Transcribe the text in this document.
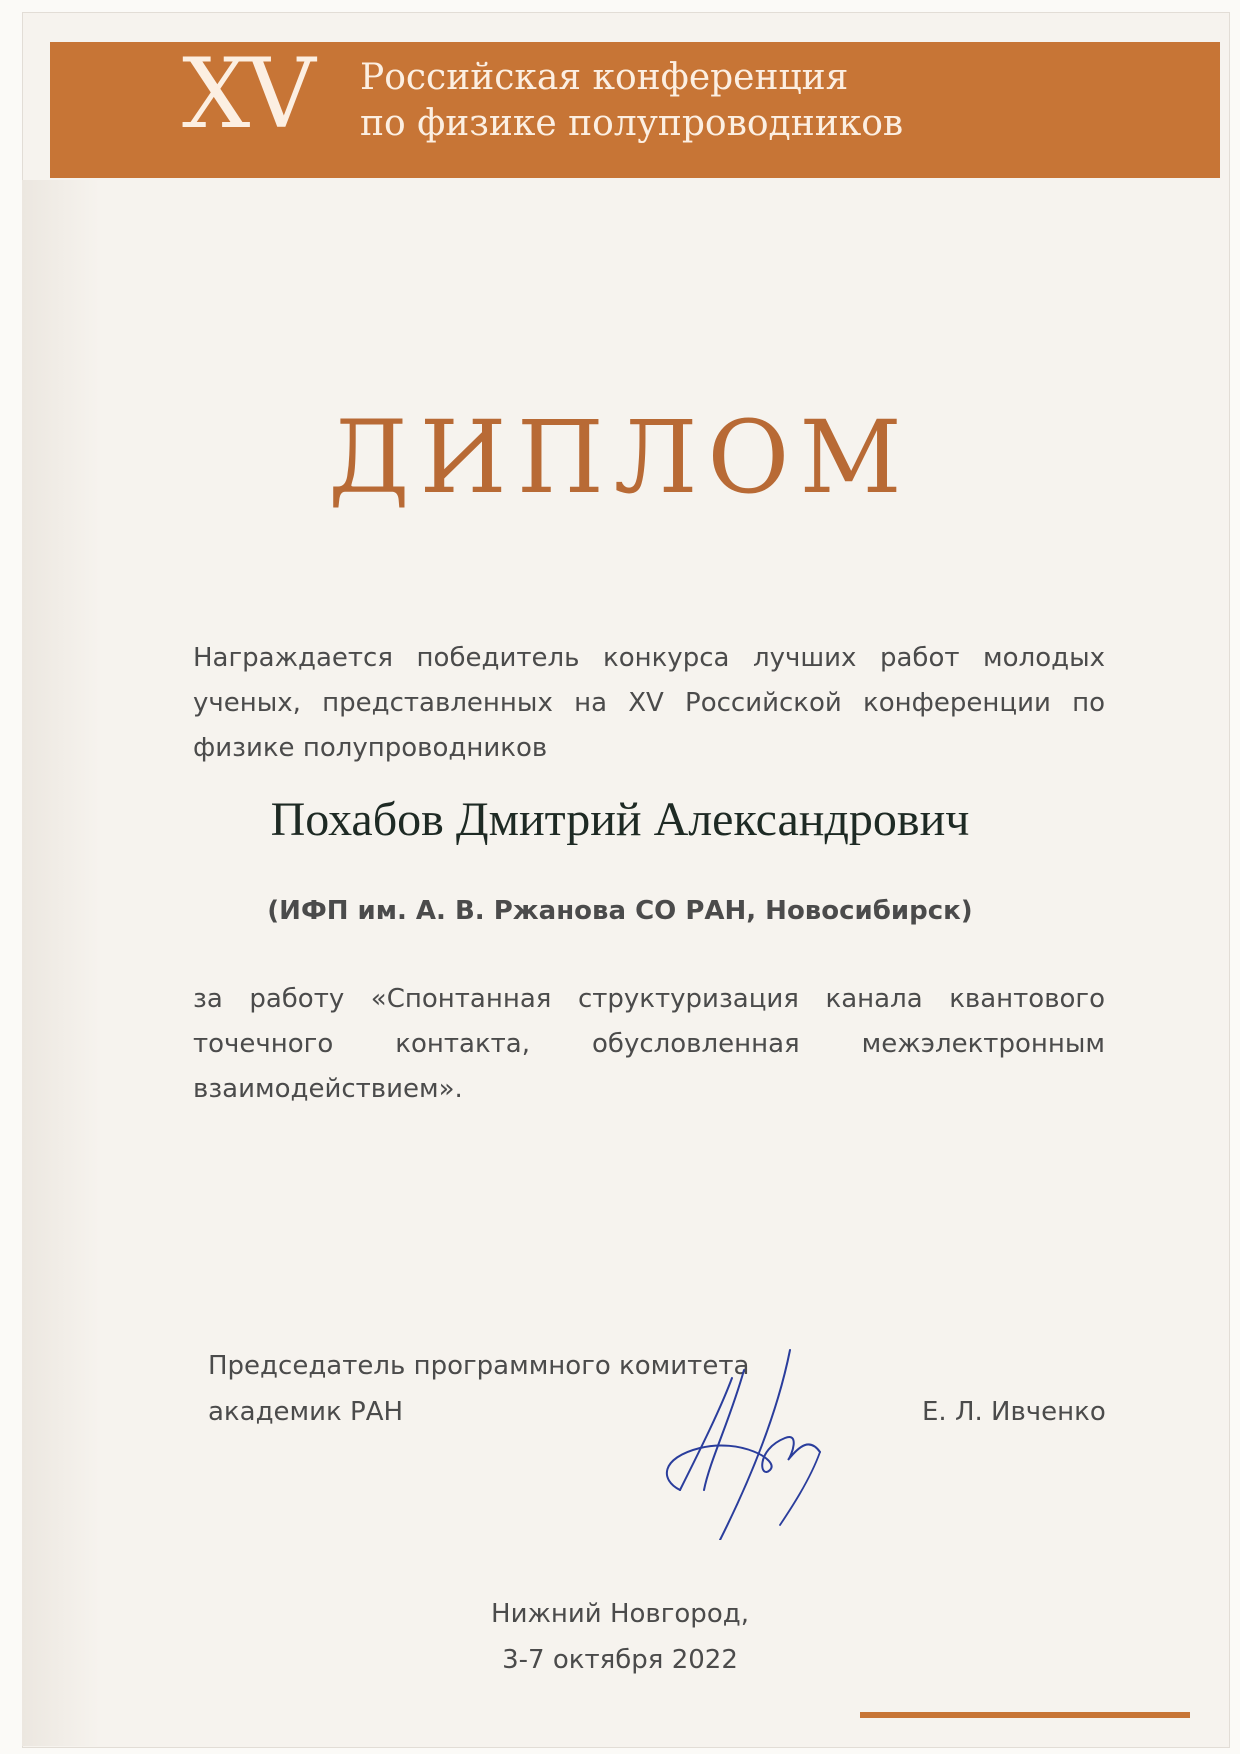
XV Российская конференция
по физике полупроводников
ДИПЛОМ
Награждается победитель конкурса лучших работ молодых ученых, представленных на XV Российской конференции по физике полупроводников
Похабов Дмитрий Александрович
(ИФП им. А. В. Ржанова СО РАН, Новосибирск)
за работу «Спонтанная структуризация канала квантового точечного контакта, обусловленная межэлектронным взаимодействием».
Председатель программного комитета
академик РАН	Е. Л. Ивченко
Нижний Новгород,
3-7 октября 2022
